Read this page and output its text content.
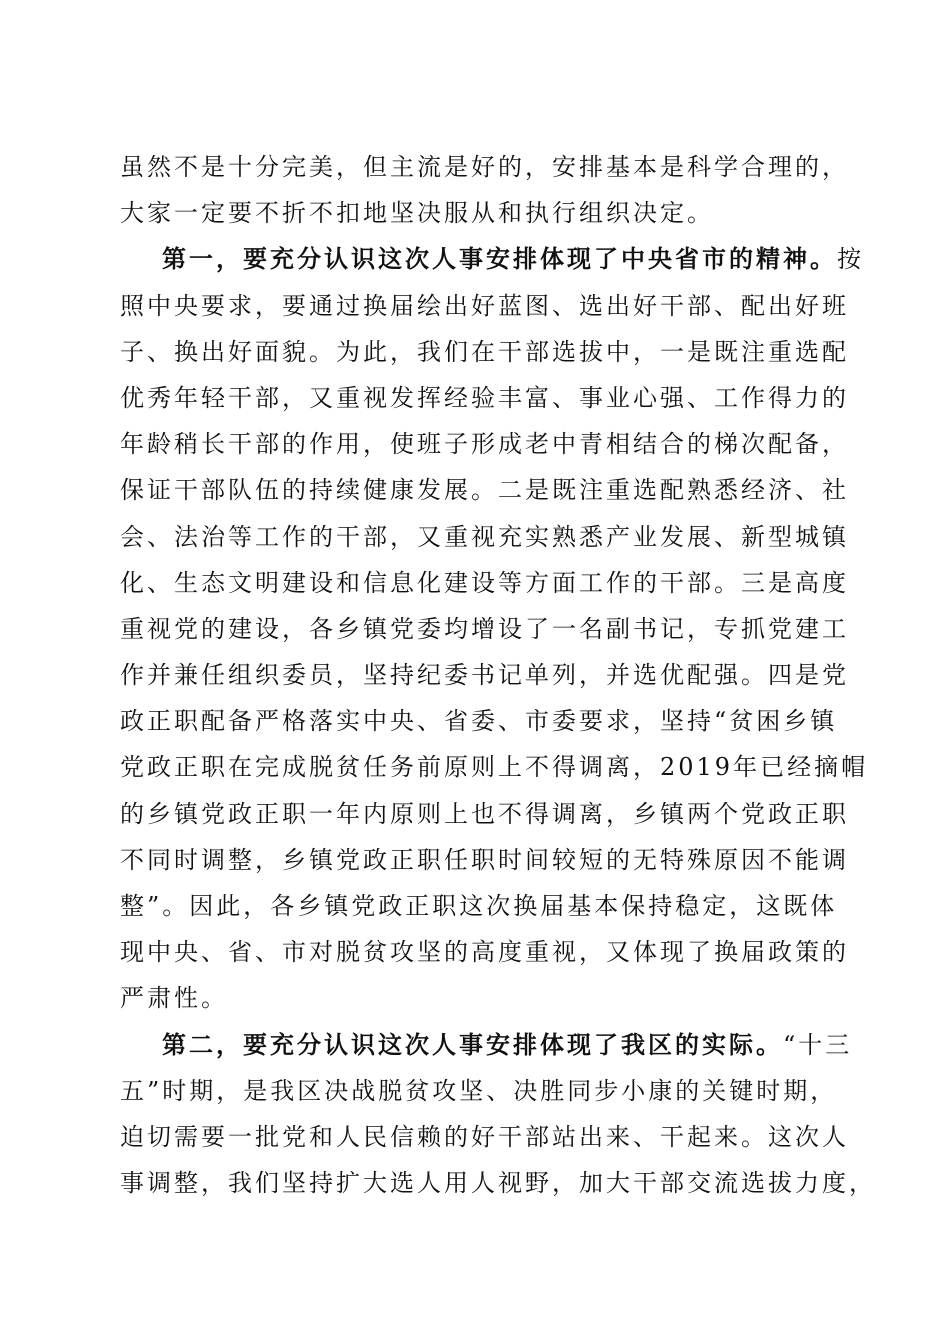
虽然不是十分完美，但主流是好的，安排基本是科学合理的，
大家一定要不折不扣地坚决服从和执行组织决定。
第一，要充分认识这次人事安排体现了中央省市的精神。按
照中央要求，要通过换届绘出好蓝图、选出好干部、配出好班
子、换出好面貌。为此，我们在干部选拔中，一是既注重选配
优秀年轻干部，又重视发挥经验丰富、事业心强、工作得力的
年龄稍长干部的作用，使班子形成老中青相结合的梯次配备，
保证干部队伍的持续健康发展。二是既注重选配熟悉经济、社
会、法治等工作的干部，又重视充实熟悉产业发展、新型城镇
化、生态文明建设和信息化建设等方面工作的干部。三是高度
重视党的建设，各乡镇党委均增设了一名副书记，专抓党建工
作并兼任组织委员，坚持纪委书记单列，并选优配强。四是党
政正职配备严格落实中央、省委、市委要求，坚持“贫困乡镇
党政正职在完成脱贫任务前原则上不得调离，2019年已经摘帽
的乡镇党政正职一年内原则上也不得调离，乡镇两个党政正职
不同时调整，乡镇党政正职任职时间较短的无特殊原因不能调
整”。因此，各乡镇党政正职这次换届基本保持稳定，这既体
现中央、省、市对脱贫攻坚的高度重视，又体现了换届政策的
严肃性。
第二，要充分认识这次人事安排体现了我区的实际。“十三
五”时期，是我区决战脱贫攻坚、决胜同步小康的关键时期，
迫切需要一批党和人民信赖的好干部站出来、干起来。这次人
事调整，我们坚持扩大选人用人视野，加大干部交流选拔力度，
